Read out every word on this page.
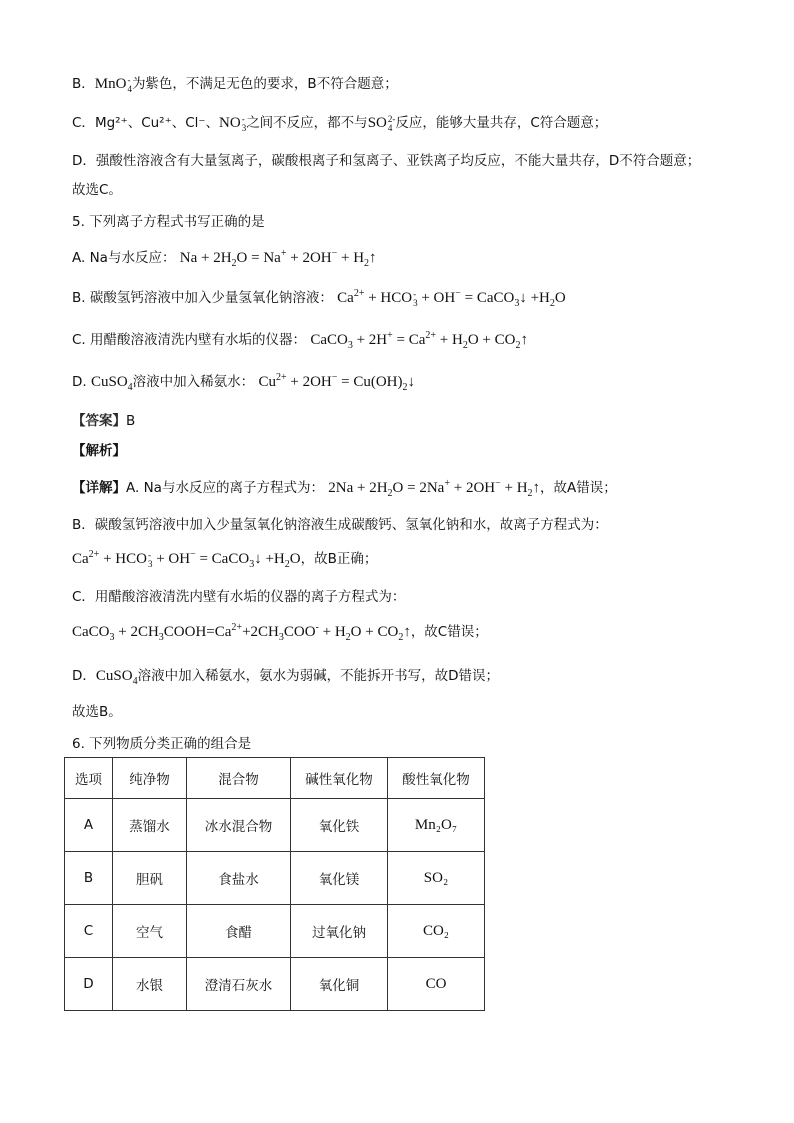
B．MnO-
4为紫色，不满足无色的要求，B不符合题意；
C．Mg²⁺、Cu²⁺、Cl⁻、NO-
3之间不反应，都不与SO2-
4 反应，能够大量共存，C符合题意；
D．强酸性溶液含有大量氢离子，碳酸根离子和氢离子、亚铁离子均反应，不能大量共存，D不符合题意；
故选C。
5. 下列离子方程式书写正确的是
A. Na与水反应： $Na + 2H_2O = Na^+ + 2OH^-$ + $H_2↑$
B. 碳酸氢钙溶液中加入少量氢氧化钠溶液： $Ca^{2+} + HCO-$
3 + OH− = CaCO$_3$↓ $+H_2O$
C. 用醋酸溶液清洗内壁有水垢的仪器： CaCO$_3$ + $2H^+ = Ca^{2+} + H_2O$ + $CO_2↑$
D. CuSO$_4$溶液中加入稀氨水： $Cu^{2+} + 2OH^-$ = $Cu(OH)_2↓$
【答案】B
【解析】
【详解】A. Na与水反应的离子方程式为： $2Na + 2H_2O = 2Na^+ + 2OH^-$ + $H_2↑$，故A错误；
B．碳酸氢钙溶液中加入少量氢氧化钠溶液生成碳酸钙、氢氧化钠和水，故离子方程式为：
$Ca^{2+} + HCO-$
3 + OH− = CaCO$_3$↓ $+H_2O$，故B正确；
C．用醋酸溶液清洗内壁有水垢的仪器的离子方程式为：
CaCO$_3$ + $2CH_3COOH=Ca^{2+}+2CH_3COO^- + H_2O$ + $CO_2↑$，故C错误；
D．CuSO$_4$溶液中加入稀氨水，氨水为弱碱，不能拆开书写，故D错误；
故选B。
6. 下列物质分类正确的组合是
选项	纯净物	混合物	碱性氧化物	酸性氧化物
A	蒸馏水	冰水混合物	氧化铁	Mn₂O₇
B	胆矾	食盐水	氧化镁	SO₂
C	空气	食醋	过氧化钠	CO₂
D	水银	澄清石灰水	氧化铜	CO
